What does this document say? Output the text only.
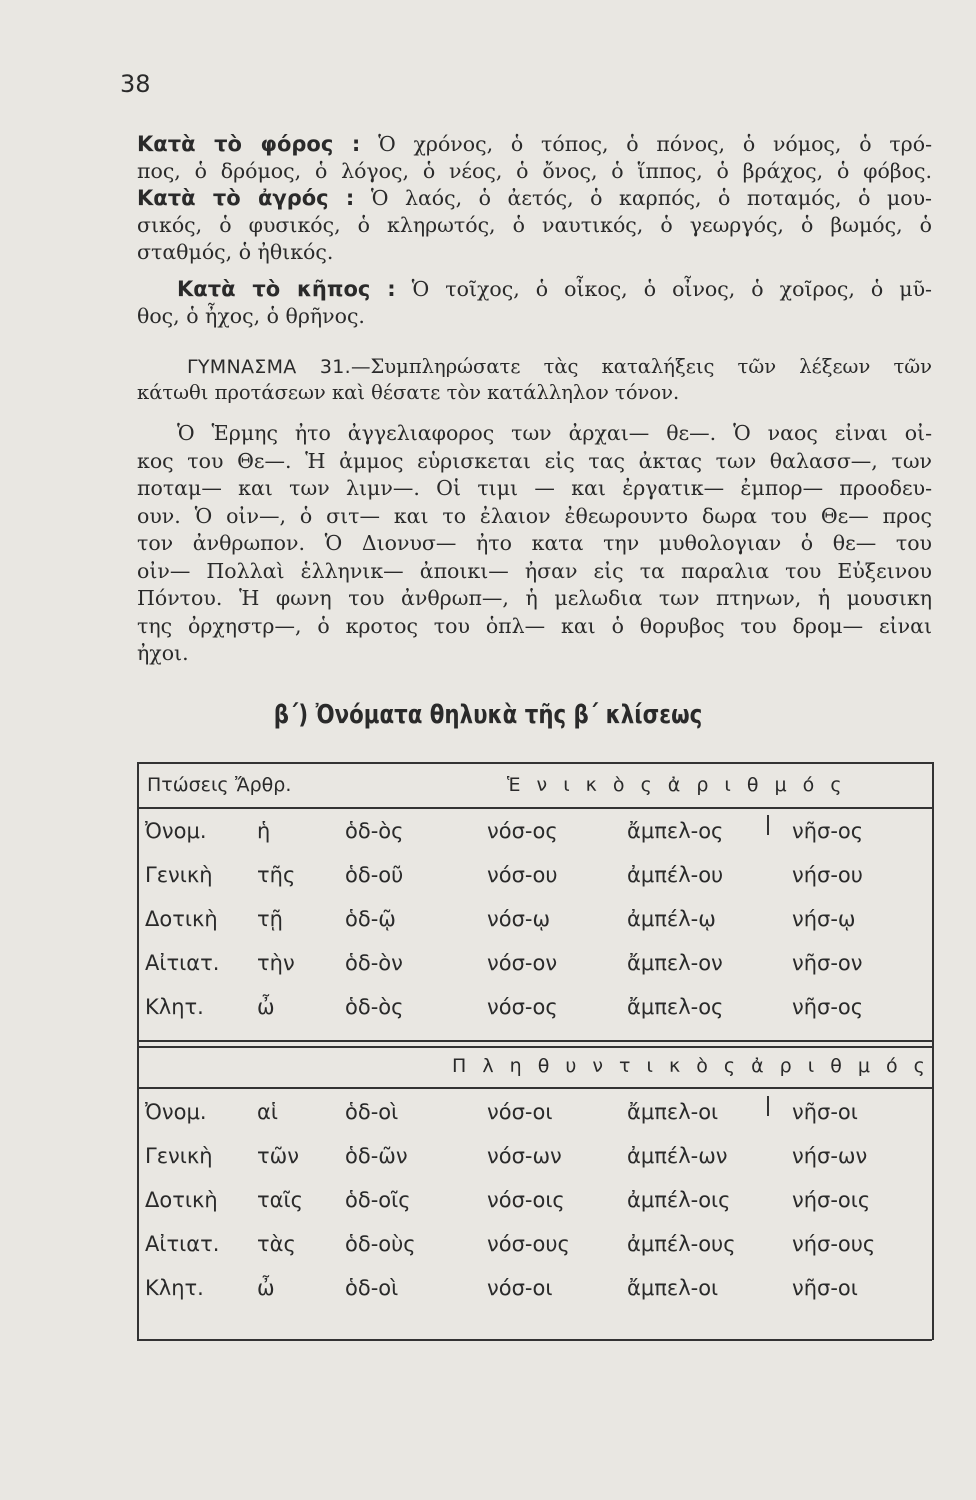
38
Κατὰ τὸ φόρος : Ὁ χρόνος, ὁ τόπος, ὁ πόνος, ὁ νόμος, ὁ τρό-
πος, ὁ δρόμος, ὁ λόγος, ὁ νέος, ὁ ὄνος, ὁ ἵππος, ὁ βράχος, ὁ φόβος.
Κατὰ τὸ ἀγρός : Ὁ λαός, ὁ ἀετός, ὁ καρπός, ὁ ποταμός, ὁ μου-
σικός, ὁ φυσικός, ὁ κληρωτός, ὁ ναυτικός, ὁ γεωργός, ὁ βωμός, ὁ
σταθμός, ὁ ἠθικός.
Κατὰ τὸ κῆπος : Ὁ τοῖχος, ὁ οἶκος, ὁ οἶνος, ὁ χοῖρος, ὁ μῦ-
θος, ὁ ἦχος, ὁ θρῆνος.
ΓΥΜΝΑΣΜΑ 31.—Συμπληρώσατε τὰς καταλήξεις τῶν λέξεων τῶν
κάτωθι προτάσεων καὶ θέσατε τὸν κατάλληλον τόνον.
Ὁ Ἑρμης ἠτο ἀγγελιαφορος των ἀρχαι— θε—. Ὁ ναος εἰναι οἰ-
κος του Θε—. Ἡ ἀμμος εὑρισκεται εἰς τας ἀκτας των θαλασσ—, των
ποταμ— και των λιμν—. Οἱ τιμι — και ἐργατικ— ἐμπορ— προοδευ-
ουν. Ὁ οἰν—, ὁ σιτ— και το ἐλαιον ἐθεωρουντο δωρα του Θε— προς
τον ἀνθρωπον. Ὁ Διονυσ— ἠτο κατα την μυθολογιαν ὁ θε— του
οἰν— Πολλαὶ ἑλληνικ— ἀποικι— ἠσαν εἰς τα παραλια του Εὐξεινου
Πόντου. Ἡ φωνη του ἀνθρωπ—, ἡ μελωδια των πτηνων, ἡ μουσικη
της ὀρχηστρ—, ὁ κροτος του ὁπλ— και ὁ θορυβος του δρομ— εἰναι
ἠχοι.
β΄) Ὀνόματα θηλυκὰ τῆς β΄ κλίσεως
Πτώσεις Ἄρθρ.	Ἑ ν ι κ ὸ ς ἀ ρ ι θ μ ό ς
Π λ η θ υ ν τ ι κ ὸ ς ἀ ρ ι θ μ ό ς
Ὀνομ. ἡ	ὁδ-ὸς	νόσ-ος	ἄμπελ-ος	νῆσ-ος
Γενικὴ τῆς ὁδ-οῦ	νόσ-ου	ἀμπέλ-ου	νήσ-ου
Δοτικὴ τῇ	ὁδ-ῷ	νόσ-ῳ	ἀμπέλ-ῳ	νήσ-ῳ
Αἰτιατ. τὴν ὁδ-ὸν	νόσ-ον	ἄμπελ-ον	νῆσ-ον
Κλητ.	ὦ	ὁδ-ὸς	νόσ-ος	ἄμπελ-ος	νῆσ-ος
Ὀνομ. αἱ	ὁδ-οὶ	νόσ-οι	ἄμπελ-οι	νῆσ-οι
Γενικὴ τῶν ὁδ-ῶν	νόσ-ων	ἀμπέλ-ων	νήσ-ων
Δοτικὴ ταῖς ὁδ-οῖς	νόσ-οις	ἀμπέλ-οις	νήσ-οις
Αἰτιατ. τὰς ὁδ-οὺς	νόσ-ους	ἀμπέλ-ους	νήσ-ους
Κλητ.	ὦ	ὁδ-οὶ	νόσ-οι	ἄμπελ-οι	νῆσ-οι
